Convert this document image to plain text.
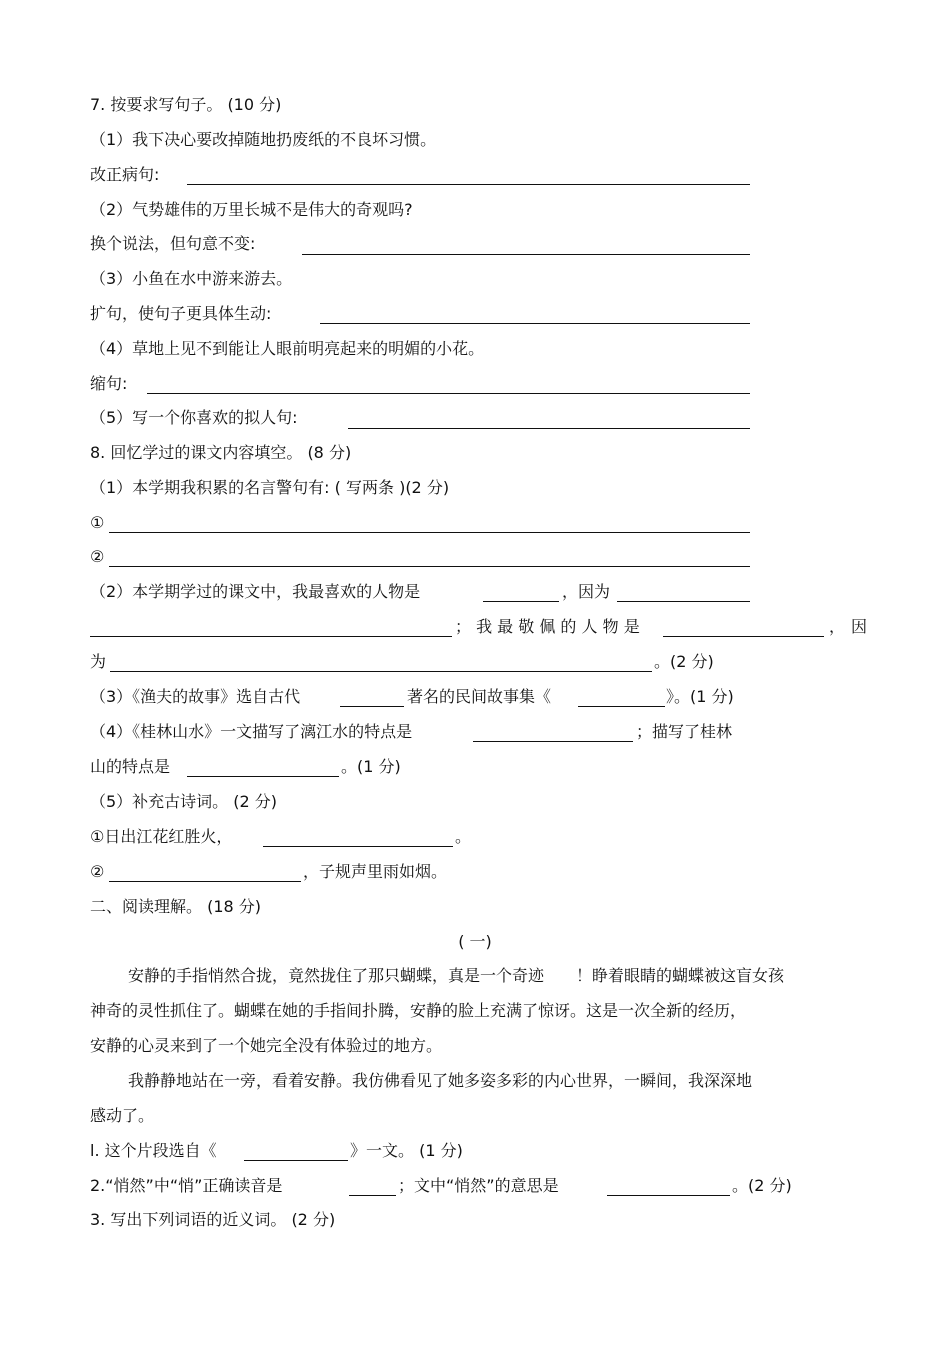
7. 按要求写句子。 (10 分)
（1）我下决心要改掉随地扔废纸的不良坏习惯。
改正病句:
（2）气势雄伟的万里长城不是伟大的奇观吗?
换个说法，但句意不变:
（3）小鱼在水中游来游去。
扩句，使句子更具体生动:
（4）草地上见不到能让人眼前明亮起来的明媚的小花。
缩句:
（5）写一个你喜欢的拟人句:
8. 回忆学过的课文内容填空。 (8 分)
（1）本学期我积累的名言警句有: ( 写两条 )(2 分)
①
②
（2）本学期学过的课文中，我最喜欢的人物是	，因为
； 我 最 敬 佩 的 人 物 是	， 因
为	。(2 分)
（3）《渔夫的故事》选自古代	著名的民间故事集《	》。(1 分)
（4）《桂林山水》一文描写了漓江水的特点是	；描写了桂林
山的特点是	。(1 分)
（5）补充古诗词。 (2 分)
①日出江花红胜火，	。
②	，子规声里雨如烟。
二、阅读理解。 (18 分)
( 一)
安静的手指悄然合拢，竟然拢住了那只蝴蝶，真是一个奇迹　　！睁着眼睛的蝴蝶被这盲女孩
神奇的灵性抓住了。蝴蝶在她的手指间扑腾，安静的脸上充满了惊讶。这是一次全新的经历，
安静的心灵来到了一个她完全没有体验过的地方。
我静静地站在一旁，看着安静。我仿佛看见了她多姿多彩的内心世界，一瞬间，我深深地
感动了。
l. 这个片段选自《	》一文。 (1 分)
2.“悄然”中“悄”正确读音是	；文中“悄然”的意思是	。(2 分)
3. 写出下列词语的近义词。 (2 分)
